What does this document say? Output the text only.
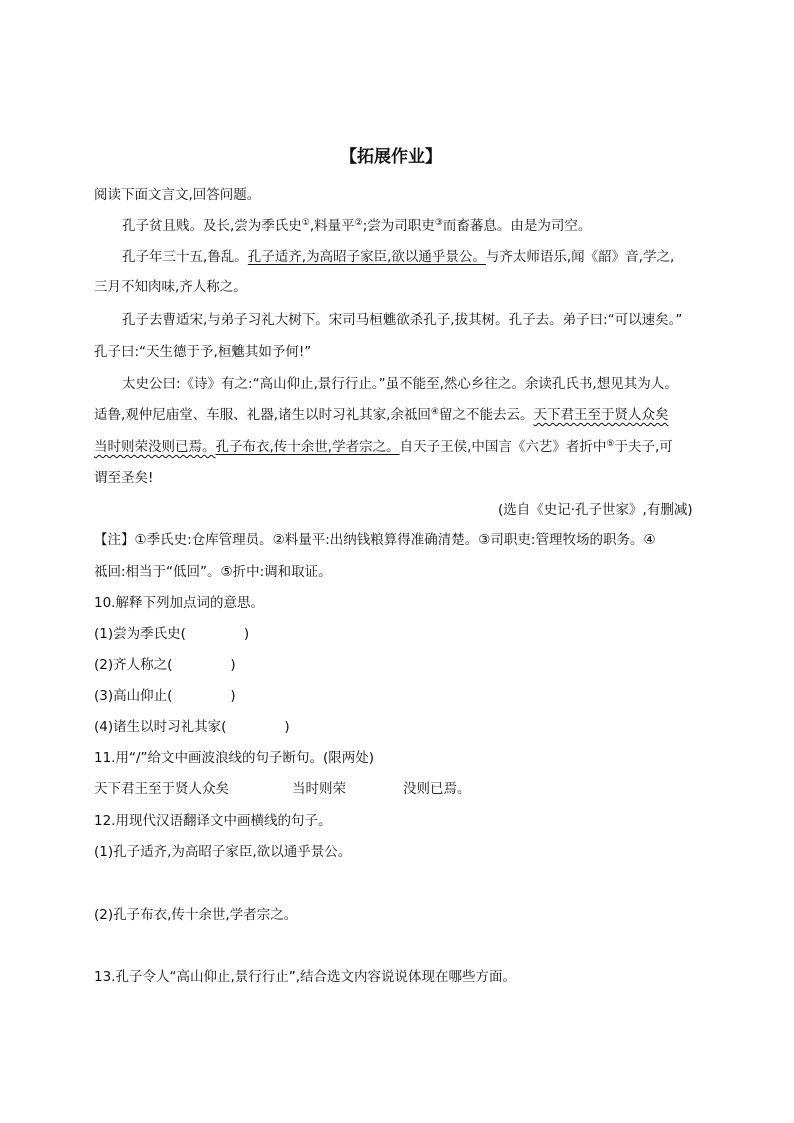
【拓展作业】
阅读下面文言文,回答问题。
孔子贫且贱。及长,尝为季氏史①,料量平②;尝为司职吏③而畜蕃息。由是为司空。
孔子年三十五,鲁乱。孔子适齐,为高昭子家臣,欲以通乎景公。与齐太师语乐,闻《韶》音,学之,
三月不知肉味,齐人称之。
孔子去曹适宋,与弟子习礼大树下。宋司马桓魋欲杀孔子,拔其树。孔子去。弟子曰:“可以速矣。”
孔子曰:“天生德于予,桓魋其如予何!”
太史公曰:《诗》有之:“高山仰止,景行行止。”虽不能至,然心乡往之。余读孔氏书,想见其为人。
适鲁,观仲尼庙堂、车服、礼器,诸生以时习礼其家,余祗回④留之不能去云。天下君王至于贤人众矣
当时则荣没则已焉。孔子布衣,传十余世,学者宗之。自天子王侯,中国言《六艺》者折中⑤于夫子,可
谓至圣矣!
(选自《史记·孔子世家》,有删减)
【注】①季氏史:仓库管理员。②料量平:出纳钱粮算得准确清楚。③司职吏:管理牧场的职务。④
祗回:相当于“低回”。⑤折中:调和取证。
10.解释下列加点词的意思。
(1)尝为季氏史(	)
(2)齐人称之(	)
(3)高山仰止(	)
(4)诸生以时习礼其家(	)
11.用“/”给文中画波浪线的句子断句。(限两处)
天下君王至于贤人众矣	当时则荣	没则已焉。
12.用现代汉语翻译文中画横线的句子。
(1)孔子适齐,为高昭子家臣,欲以通乎景公。
(2)孔子布衣,传十余世,学者宗之。
13.孔子令人“高山仰止,景行行止”,结合选文内容说说体现在哪些方面。
